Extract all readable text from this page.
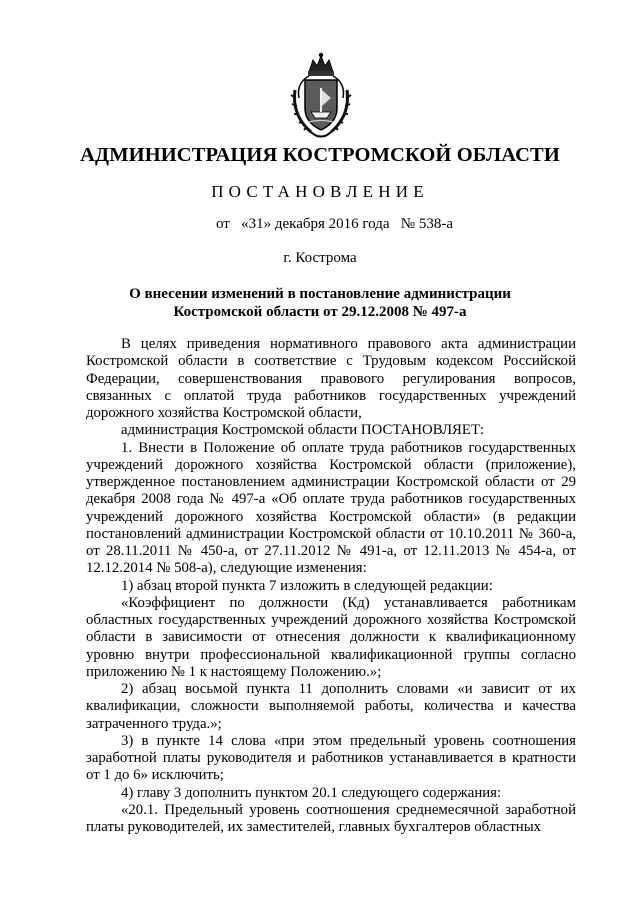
АДМИНИСТРАЦИЯ КОСТРОМСКОЙ ОБЛАСТИ
ПОСТАНОВЛЕНИЕ
от   «31» декабря 2016 года   № 538-а
г. Кострома
О внесении изменений в постановление администрации
Костромской области от 29.12.2008 № 497-а

В целях приведения нормативного правового акта администрации Костромской области в соответствие с Трудовым кодексом Российской Федерации, совершенствования правового регулирования вопросов, связанных с оплатой труда работников государственных учреждений дорожного хозяйства Костромской области,

администрация Костромской области ПОСТАНОВЛЯЕТ:

1. Внести в Положение об оплате труда работников государственных учреждений дорожного хозяйства Костромской области (приложение), утвержденное постановлением администрации Костромской области от 29 декабря 2008 года № 497-а «Об оплате труда работников государственных учреждений дорожного хозяйства Костромской области» (в редакции постановлений администрации Костромской области от 10.10.2011 № 360-а, от 28.11.2011 № 450-а, от 27.11.2012 № 491-а, от 12.11.2013 № 454-а, от 12.12.2014 № 508-а), следующие изменения:

1) абзац второй пункта 7 изложить в следующей редакции:

«Коэффициент по должности (Кд) устанавливается работникам областных государственных учреждений дорожного хозяйства Костромской области в зависимости от отнесения должности к квалификационному уровню внутри профессиональной квалификационной группы согласно приложению № 1 к настоящему Положению.»;

2) абзац восьмой пункта 11 дополнить словами «и зависит от их квалификации, сложности выполняемой работы, количества и качества затраченного труда.»;

3) в пункте 14 слова «при этом предельный уровень соотношения заработной платы руководителя и работников устанавливается в кратности от 1 до 6» исключить;

4) главу 3 дополнить пунктом 20.1 следующего содержания:

«20.1. Предельный уровень соотношения среднемесячной заработной платы руководителей, их заместителей, главных бухгалтеров областных
